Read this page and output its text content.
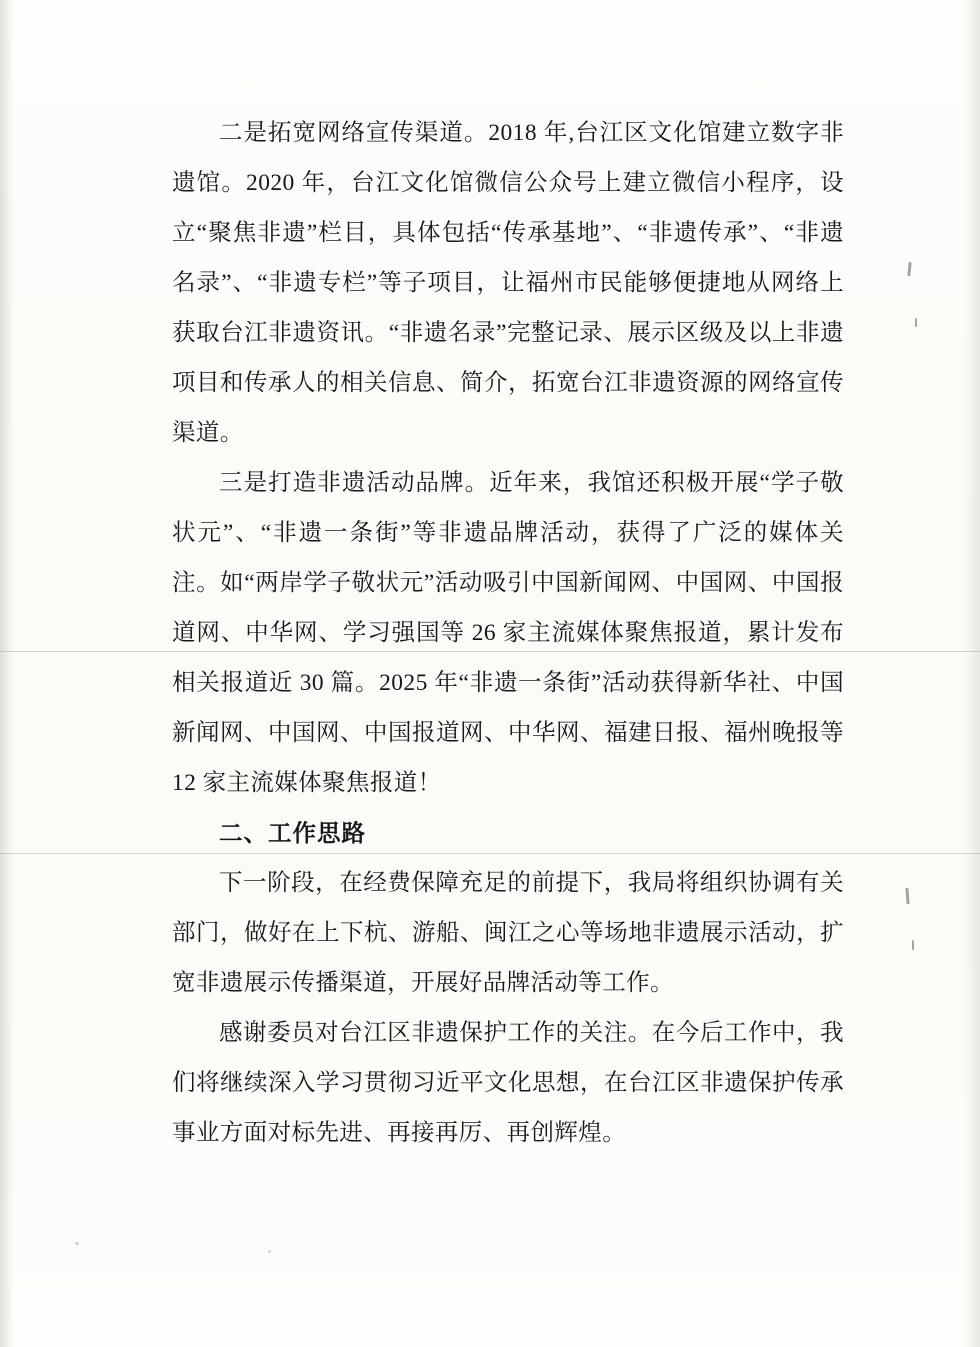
二是拓宽网络宣传渠道。2018 年,台江区文化馆建立数字非遗馆。2020 年，台江文化馆微信公众号上建立微信小程序，设立“聚焦非遗”栏目，具体包括“传承基地”、“非遗传承”、“非遗名录”、“非遗专栏”等子项目，让福州市民能够便捷地从网络上获取台江非遗资讯。“非遗名录”完整记录、展示区级及以上非遗项目和传承人的相关信息、简介，拓宽台江非遗资源的网络宣传渠道。

三是打造非遗活动品牌。近年来，我馆还积极开展“学子敬状元”、“非遗一条街”等非遗品牌活动，获得了广泛的媒体关注。如“两岸学子敬状元”活动吸引中国新闻网、中国网、中国报道网、中华网、学习强国等 26 家主流媒体聚焦报道，累计发布相关报道近 30 篇。2025 年“非遗一条街”活动获得新华社、中国新闻网、中国网、中国报道网、中华网、福建日报、福州晚报等 12 家主流媒体聚焦报道！

二、工作思路

下一阶段，在经费保障充足的前提下，我局将组织协调有关部门，做好在上下杭、游船、闽江之心等场地非遗展示活动，扩宽非遗展示传播渠道，开展好品牌活动等工作。

感谢委员对台江区非遗保护工作的关注。在今后工作中，我们将继续深入学习贯彻习近平文化思想，在台江区非遗保护传承事业方面对标先进、再接再厉、再创辉煌。
